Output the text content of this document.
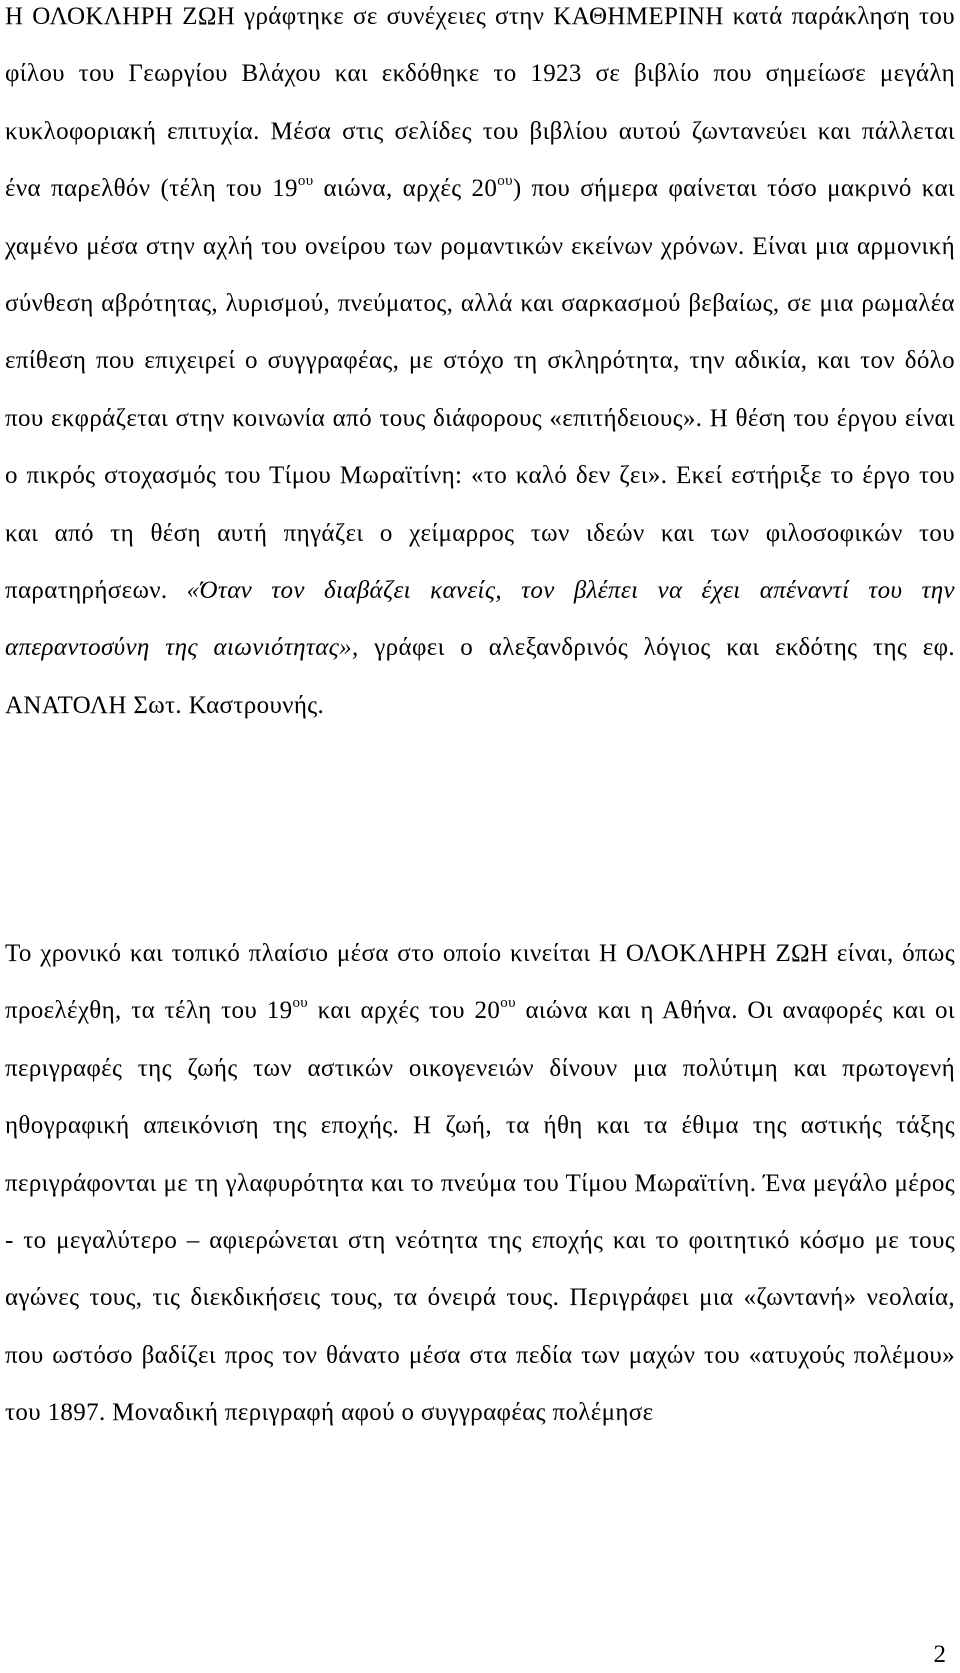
Η ΟΛΟΚΛΗΡΗ ΖΩΗ γράφτηκε σε συνέχειες στην ΚΑΘΗΜΕΡΙΝΗ κατά παράκληση του φίλου του Γεωργίου Βλάχου και εκδόθηκε το 1923 σε βιβλίο που σημείωσε μεγάλη κυκλοφοριακή επιτυχία. Μέσα στις σελίδες του βιβλίου αυτού ζωντανεύει και πάλλεται ένα παρελθόν (τέλη του $19^{o\upsilon}$ αιώνα, αρχές $20^{o\upsilon}$) που σήμερα φαίνεται τόσο μακρινό και χαμένο μέσα στην αχλή του ονείρου των ρομαντικών εκείνων χρόνων. Είναι μια αρμονική σύνθεση αβρότητας, λυρισμού, πνεύματος, αλλά και σαρκασμού βεβαίως, σε μια ρωμαλέα επίθεση που επιχειρεί ο συγγραφέας, με στόχο τη σκληρότητα, την αδικία, και τον δόλο που εκφράζεται στην κοινωνία από τους διάφορους «επιτήδειους». Η θέση του έργου είναι ο πικρός στοχασμός του Τίμου Μωραϊτίνη: «το καλό δεν ζει». Εκεί εστήριξε το έργο του και από τη θέση αυτή πηγάζει ο χείμαρρος των ιδεών και των φιλοσοφικών του παρατηρήσεων. «Όταν τον διαβάζει κανείς, τον βλέπει να έχει απέναντί του την απεραντοσύνη της αιωνιότητας», γράφει ο αλεξανδρινός λόγιος και εκδότης της εφ. ΑΝΑΤΟΛΗ Σωτ. Καστρουνής.

Το χρονικό και τοπικό πλαίσιο μέσα στο οποίο κινείται Η ΟΛΟΚΛΗΡΗ ΖΩΗ είναι, όπως προελέχθη, τα τέλη του $19^{o\upsilon}$ και αρχές του $20^{o\upsilon}$ αιώνα και η Αθήνα. Οι αναφορές και οι περιγραφές της ζωής των αστικών οικογενειών δίνουν μια πολύτιμη και πρωτογενή ηθογραφική απεικόνιση της εποχής. Η ζωή, τα ήθη και τα έθιμα της αστικής τάξης περιγράφονται με τη γλαφυρότητα και το πνεύμα του Τίμου Μωραϊτίνη. Ένα μεγάλο μέρος - το μεγαλύτερο – αφιερώνεται στη νεότητα της εποχής και το φοιτητικό κόσμο με τους αγώνες τους, τις διεκδικήσεις τους, τα όνειρά τους. Περιγράφει μια «ζωντανή» νεολαία, που ωστόσο βαδίζει προς τον θάνατο μέσα στα πεδία των μαχών του «ατυχούς πολέμου» του 1897. Μοναδική περιγραφή αφού ο συγγραφέας πολέμησε

2
